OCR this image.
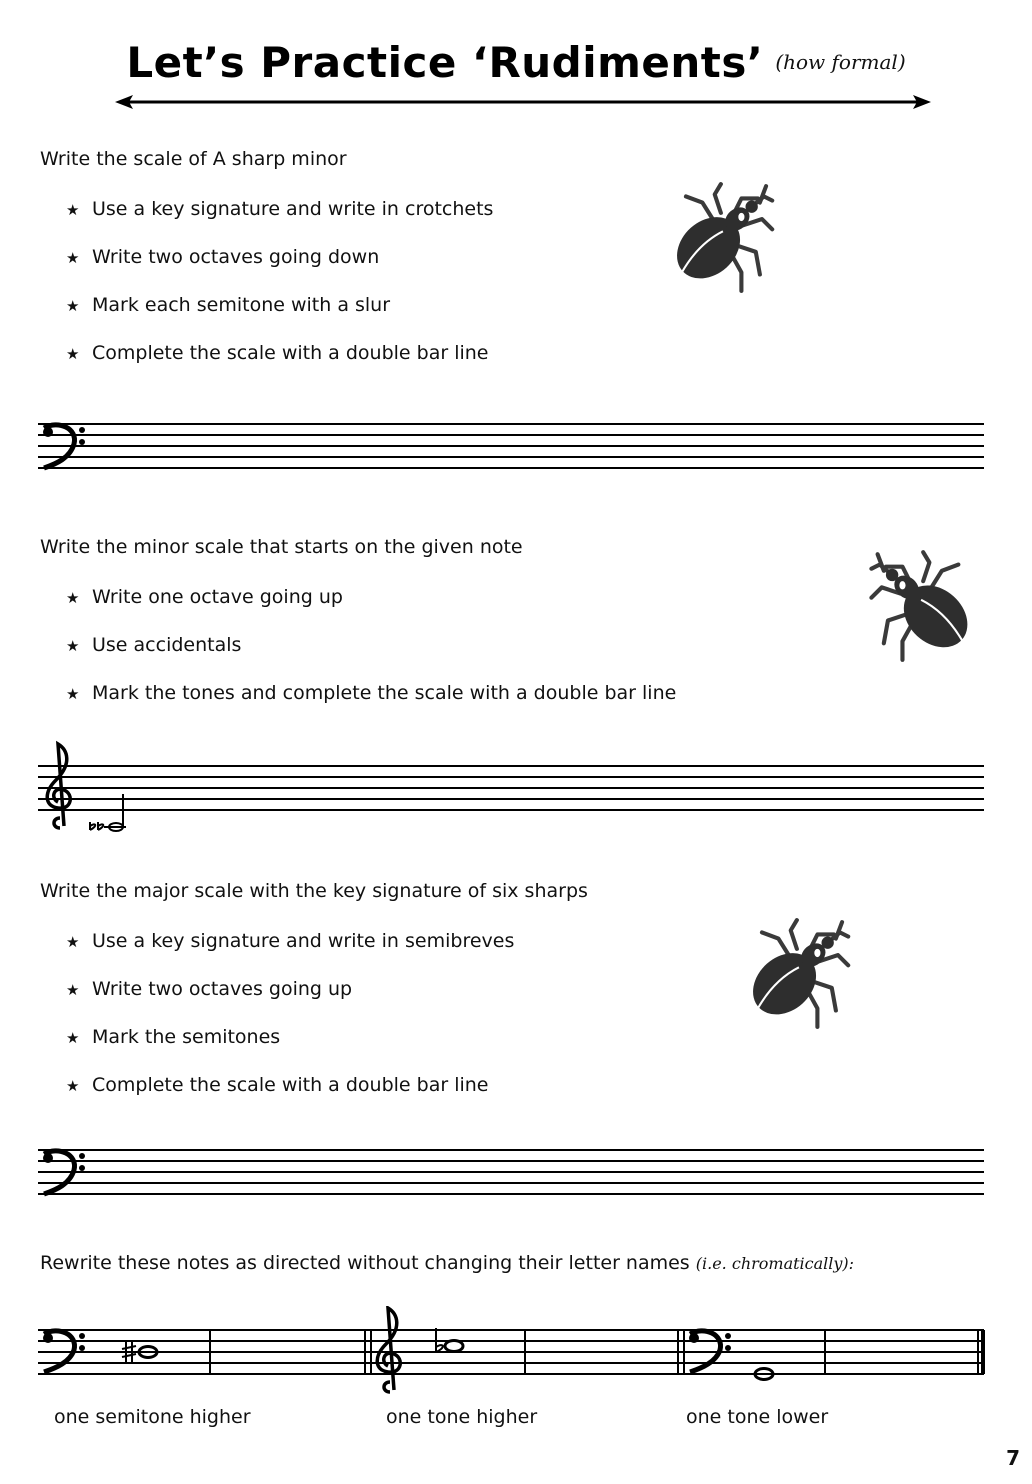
Let’s Practice ‘Rudiments’ (how formal)
Write the scale of A sharp minor
★ Use a key signature and write in crotchets
★ Write two octaves going down
★ Mark each semitone with a slur
★ Complete the scale with a double bar line
Write the minor scale that starts on the given note
★ Write one octave going up
★ Use accidentals
★ Mark the tones and complete the scale with a double bar line
Write the major scale with the key signature of six sharps
★ Use a key signature and write in semibreves
★ Write two octaves going up
★ Mark the semitones
★ Complete the scale with a double bar line
Rewrite these notes as directed without changing their letter names (i.e. chromatically):
one semitone higher	one tone higher	one tone lower
7
